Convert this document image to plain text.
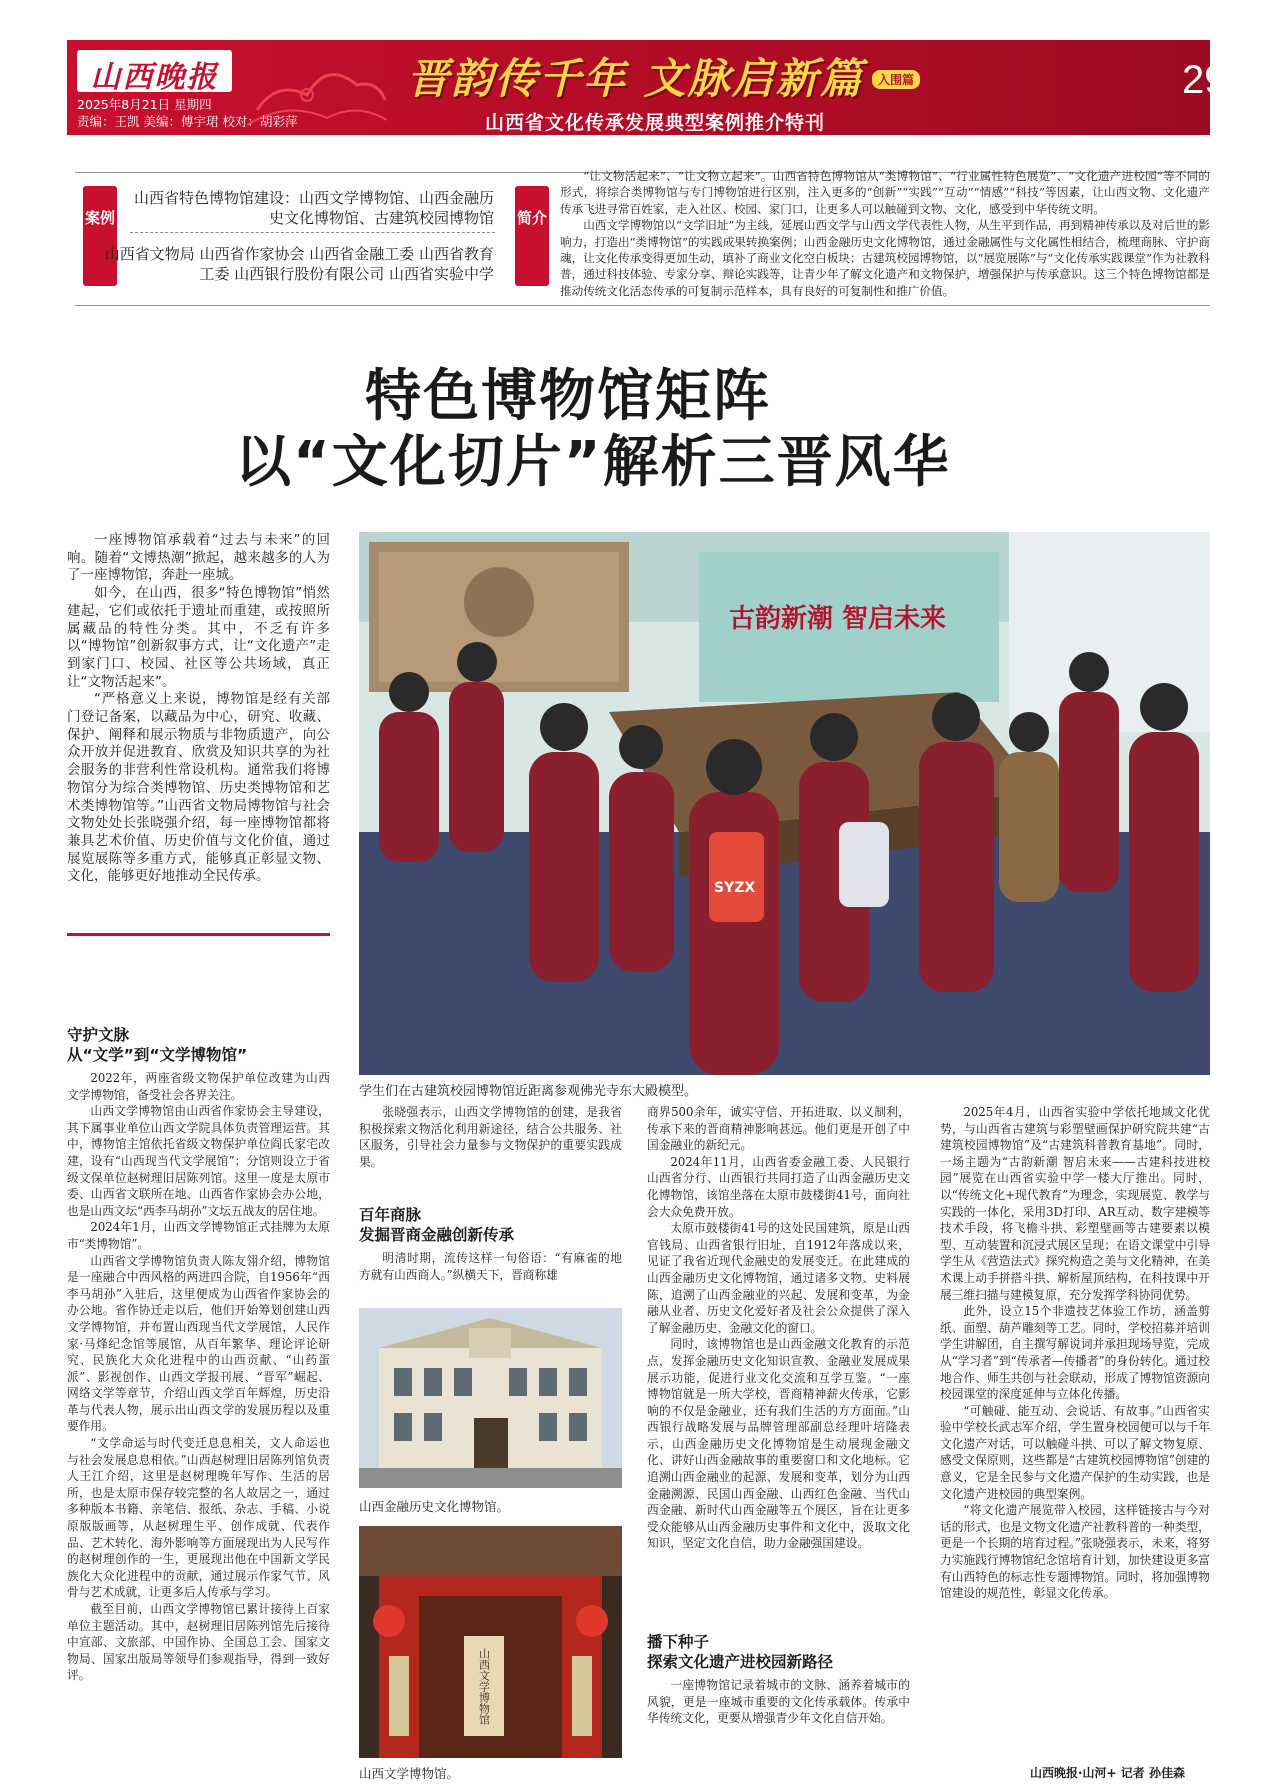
山西晚报
2025年8月21日 星期四
责编：王凯 美编：傅宇珺 校对：胡彩萍
晋韵传千年 文脉启新篇	入围篇
山西省文化传承发展典型案例推介特刊
29
案例
山西省特色博物馆建设：山西文学博物馆、山西金融历史文化博物馆、古建筑校园博物馆
山西省文物局 山西省作家协会 山西省金融工委 山西省教育工委 山西银行股份有限公司 山西省实验中学
简介

“让文物活起来”、“让文物立起来”。山西省特色博物馆从“类博物馆”、“行业属性特色展览”、“文化遗产进校园”等不同的形式，将综合类博物馆与专门博物馆进行区别，注入更多的“创新”“实践”“互动”“情感”“科技”等因素，让山西文物、文化遗产传承飞进寻常百姓家，走入社区、校园、家门口，让更多人可以触碰到文物、文化，感受到中华传统文明。

山西文学博物馆以“文学旧址”为主线，延展山西文学与山西文学代表性人物，从生平到作品，再到精神传承以及对后世的影响力，打造出“类博物馆”的实践成果转换案例；山西金融历史文化博物馆，通过金融属性与文化属性相结合，梳理商脉、守护商魂，让文化传承变得更加生动，填补了商业文化空白板块；古建筑校园博物馆，以“展览展陈”与“文化传承实践课堂”作为社教科普，通过科技体验、专家分享、辩论实践等，让青少年了解文化遗产和文物保护，增强保护与传承意识。这三个特色博物馆都是推动传统文化活态传承的可复制示范样本，具有良好的可复制性和推广价值。

特色博物馆矩阵
以“文化切片”解析三晋风华

一座博物馆承载着“过去与未来”的回响。随着“文博热潮”掀起，越来越多的人为了一座博物馆，奔赴一座城。

如今，在山西，很多“特色博物馆”悄然建起，它们或依托于遗址而重建，或按照所属藏品的特性分类。其中，不乏有许多以“博物馆”创新叙事方式，让“文化遗产”走到家门口、校园、社区等公共场域，真正让“文物活起来”。

“严格意义上来说，博物馆是经有关部门登记备案，以藏品为中心，研究、收藏、保护、阐释和展示物质与非物质遗产，向公众开放并促进教育、欣赏及知识共享的为社会服务的非营利性常设机构。通常我们将博物馆分为综合类博物馆、历史类博物馆和艺术类博物馆等。”山西省文物局博物馆与社会文物处处长张晓强介绍，每一座博物馆都将兼具艺术价值、历史价值与文化价值，通过展览展陈等多重方式，能够真正彰显文物、文化，能够更好地推动全民传承。

古韵新潮 智启未来
SYZX
学生们在古建筑校园博物馆近距离参观佛光寺东大殿模型。
守护文脉
从“文学”到“文学博物馆”

2022年，两座省级文物保护单位改建为山西文学博物馆，备受社会各界关注。

山西文学博物馆由山西省作家协会主导建设，其下属事业单位山西文学院具体负责管理运营。其中，博物馆主馆依托省级文物保护单位阎氏家宅改建，设有“山西现当代文学展馆”；分馆则设立于省级文保单位赵树理旧居陈列馆。这里一度是太原市委、山西省文联所在地、山西省作家协会办公地，也是山西文坛“西李马胡孙”文坛五战友的居住地。

2024年1月，山西文学博物馆正式挂牌为太原市“类博物馆”。

山西省文学博物馆负责人陈友翎介绍，博物馆是一座融合中西风格的两进四合院，自1956年“西李马胡孙”入驻后，这里便成为山西省作家协会的办公地。省作协迁走以后，他们开始筹划创建山西文学博物馆，并布置山西现当代文学展馆，人民作家·马烽纪念馆等展馆，从百年繁华、理论评论研究、民族化大众化进程中的山西贡献、“山药蛋派”、影视创作、山西文学报刊展、“晋军”崛起、网络文学等章节，介绍山西文学百年辉煌，历史沿革与代表人物，展示出山西文学的发展历程以及重要作用。

“文学命运与时代变迁息息相关，文人命运也与社会发展息息相依。”山西赵树理旧居陈列馆负责人王江介绍，这里是赵树理晚年写作、生活的居所，也是太原市保存较完整的名人故居之一，通过多种版本书籍、亲笔信、报纸、杂志、手稿、小说原版版画等，从赵树理生平、创作成就、代表作品、艺术转化、海外影响等方面展现出为人民写作的赵树理创作的一生，更展现出他在中国新文学民族化大众化进程中的贡献，通过展示作家气节、风骨与艺术成就，让更多后人传承与学习。

截至目前，山西文学博物馆已累计接待上百家单位主题活动。其中，赵树理旧居陈列馆先后接待中宣部、文旅部、中国作协、全国总工会、国家文物局、国家出版局等领导们参观指导，得到一致好评。

张晓强表示，山西文学博物馆的创建，是我省积极探索文物活化利用新途径，结合公共服务、社区服务，引导社会力量参与文物保护的重要实践成果。

百年商脉
发掘晋商金融创新传承

明清时期，流传这样一句俗语：“有麻雀的地方就有山西商人。”纵横天下，晋商称雄

山西金融历史文化博物馆。
山西文学博物馆
山西文学博物馆。

商界500余年，诚实守信、开拓进取、以义制利，传承下来的晋商精神影响甚远。他们更是开创了中国金融业的新纪元。

2024年11月，山西省委金融工委、人民银行山西省分行、山西银行共同打造了山西金融历史文化博物馆，该馆坐落在太原市鼓楼街41号，面向社会大众免费开放。

太原市鼓楼街41号的这处民国建筑，原是山西官钱局、山西省银行旧址，自1912年落成以来，见证了我省近现代金融史的发展变迁。在此建成的山西金融历史文化博物馆，通过诸多文物、史料展陈，追溯了山西金融业的兴起、发展和变革，为金融从业者、历史文化爱好者及社会公众提供了深入了解金融历史、金融文化的窗口。

同时，该博物馆也是山西金融文化教育的示范点，发挥金融历史文化知识宣教、金融业发展成果展示功能，促进行业文化交流和互学互鉴。“一座博物馆就是一所大学校，晋商精神薪火传承，它影响的不仅是金融业，还有我们生活的方方面面。”山西银行战略发展与品牌管理部副总经理叶培隆表示，山西金融历史文化博物馆是生动展现金融文化、讲好山西金融故事的重要窗口和文化地标。它追溯山西金融业的起源、发展和变革，划分为山西金融溯源、民国山西金融、山西红色金融、当代山西金融、新时代山西金融等五个展区，旨在让更多受众能够从山西金融历史事件和文化中，汲取文化知识，坚定文化自信，助力金融强国建设。

播下种子
探索文化遗产进校园新路径

一座博物馆记录着城市的文脉、涵养着城市的风貌，更是一座城市重要的文化传承载体。传承中华传统文化，更要从增强青少年文化自信开始。

2025年4月，山西省实验中学依托地域文化优势，与山西省古建筑与彩塑壁画保护研究院共建“古建筑校园博物馆”及“古建筑科普教育基地”。同时，一场主题为“古韵新潮 智启未来——古建科技进校园”展览在山西省实验中学一楼大厅推出。同时，以“传统文化+现代教育”为理念，实现展览、教学与实践的一体化，采用3D打印、AR互动、数字建模等技术手段，将飞檐斗拱、彩塑壁画等古建要素以模型、互动装置和沉浸式展区呈现；在语文课堂中引导学生从《营造法式》探究构造之美与文化精神，在美术课上动手拼搭斗拱、解析屋顶结构，在科技课中开展三维扫描与建模复原，充分发挥学科协同优势。

此外，设立15个非遗技艺体验工作坊，涵盖剪纸、面塑、葫芦雕刻等工艺。同时，学校招募并培训学生讲解团，自主撰写解说词并承担现场导览，完成从“学习者”到“传承者—传播者”的身份转化。通过校地合作、师生共创与社会联动，形成了博物馆资源向校园课堂的深度延伸与立体化传播。

“可触碰、能互动、会说话、有故事。”山西省实验中学校长武志军介绍，学生置身校园便可以与千年文化遗产对话，可以触碰斗拱、可以了解文物复原、感受文保原则，这些都是“古建筑校园博物馆”创建的意义，它是全民参与文化遗产保护的生动实践，也是文化遗产进校园的典型案例。

“将文化遗产展览带入校园，这样链接古与今对话的形式，也是文物文化遗产社教科普的一种类型，更是一个长期的培育过程。”张晓强表示，未来，将努力实施践行博物馆纪念馆培育计划，加快建设更多富有山西特色的标志性专题博物馆。同时，将加强博物馆建设的规范性，彰显文化传承。

山西晚报·山河+ 记者 孙佳森
